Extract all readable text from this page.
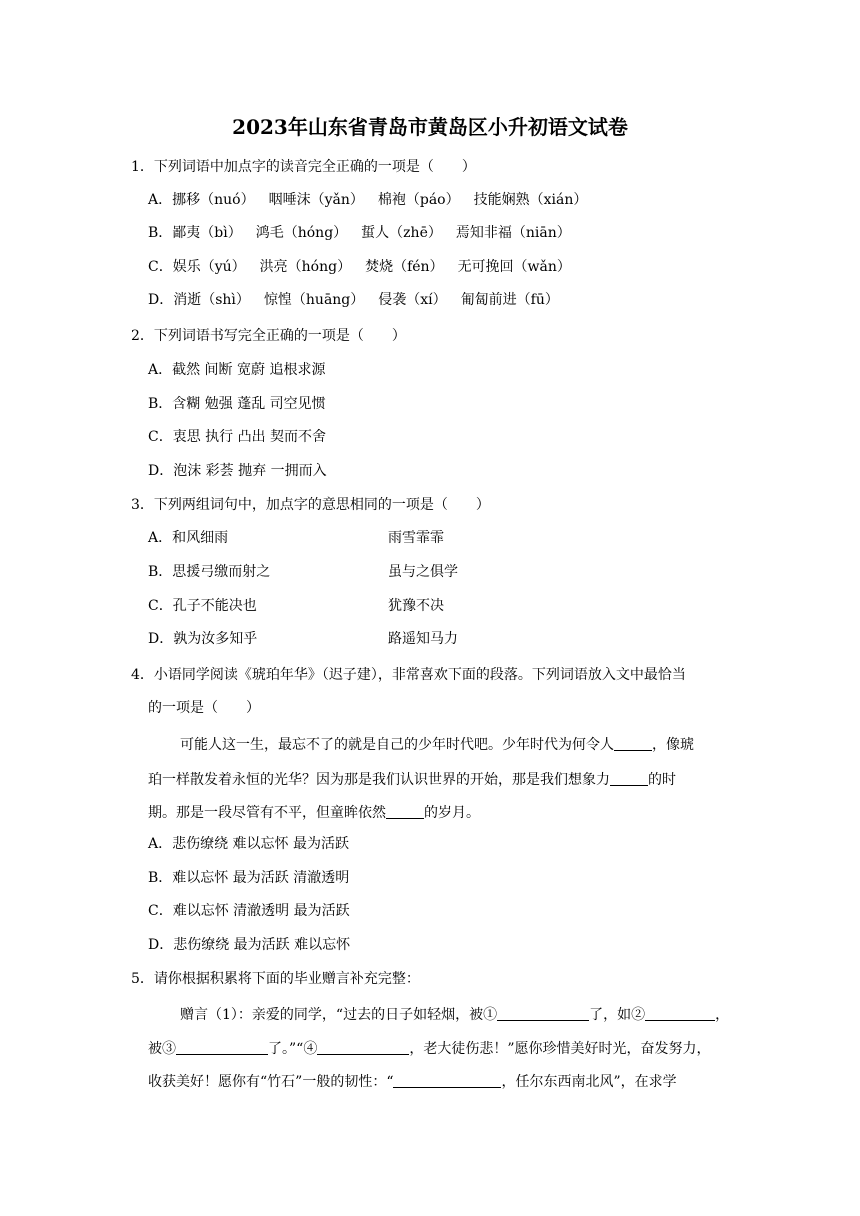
2023年山东省青岛市黄岛区小升初语文试卷
1．下列词语中加点字的读音完全正确的一项是（　　）
A．挪移（nuó） 咽唾沫（yǎn） 棉袍（páo） 技能娴熟（xián）
B．鄙夷（bì） 鸿毛（hóng） 蜇人（zhē） 焉知非福（niān）
C．娱乐（yú） 洪亮（hóng） 焚烧（fén） 无可挽回（wǎn）
D．消逝（shì） 惊惶（huāng） 侵袭（xí） 匍匐前进（fū）
2．下列词语书写完全正确的一项是（　　）
A．截然 间断 宽蔚 追根求源
B．含糊 勉强 蓬乱 司空见惯
C．衷思 执行 凸出 契而不舍
D．泡沫 彩荟 抛弃 一拥而入
3．下列两组词句中，加点字的意思相同的一项是（　　）
A．和风细雨	雨雪霏霏
B．思援弓缴而射之	虽与之俱学
C．孔子不能决也	犹豫不决
D．孰为汝多知乎	路遥知马力
4．小语同学阅读《琥珀年华》（迟子建），非常喜欢下面的段落。下列词语放入文中最恰当
的一项是（　　）
可能人这一生，最忘不了的就是自己的少年时代吧。少年时代为何令人	，像琥
珀一样散发着永恒的光华？因为那是我们认识世界的开始，那是我们想象力	的时
期。那是一段尽管有不平，但童眸依然	的岁月。
A．悲伤缭绕 难以忘怀 最为活跃
B．难以忘怀 最为活跃 清澈透明
C．难以忘怀 清澈透明 最为活跃
D．悲伤缭绕 最为活跃 难以忘怀
5．请你根据积累将下面的毕业赠言补充完整：
赠言（1）：亲爱的同学，“过去的日子如轻烟，被①	了，如②	，
被③	了。”“④	，老大徒伤悲！”愿你珍惜美好时光，奋发努力，
收获美好！愿你有“竹石”一般的韧性：“	，任尔东西南北风”，在求学
